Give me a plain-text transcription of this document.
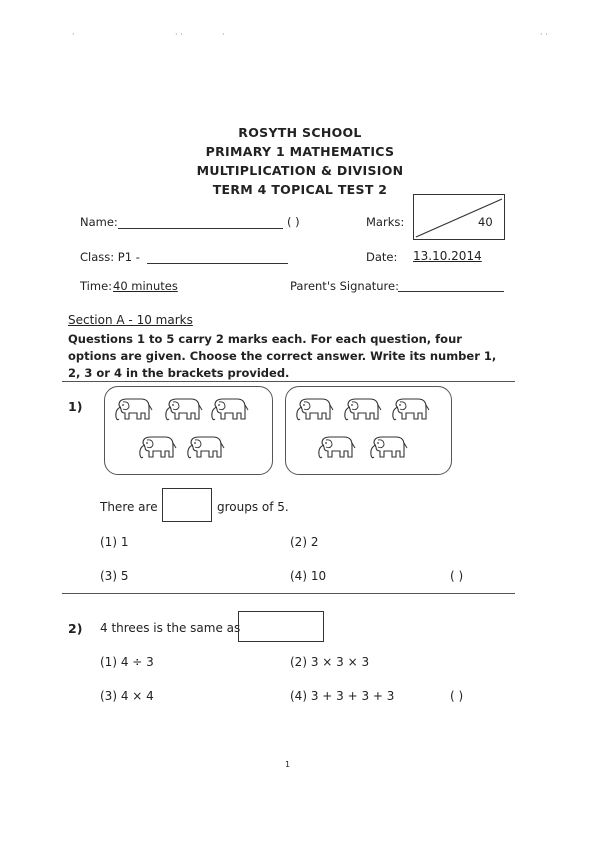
·	· ·	·	· ·
ROSYTH SCHOOL
PRIMARY 1 MATHEMATICS
MULTIPLICATION & DIVISION
TERM 4 TOPICAL TEST 2
Name:	( )	Marks:	40
Class: P1 -	Date: 13.10.2014
Time: 40 minutes	Parent's Signature:
Section A - 10 marks
Questions 1 to 5 carry 2 marks each. For each question, four options are given. Choose the correct answer. Write its number 1, 2, 3 or 4 in the brackets provided.
1)
There are	groups of 5.
(1) 1	(2) 2
(3) 5	(4) 10	( )
2) 4 threes is the same as
(1) 4 ÷ 3	(2) 3 × 3 × 3
(3) 4 × 4	(4) 3 + 3 + 3 + 3	( )
1
